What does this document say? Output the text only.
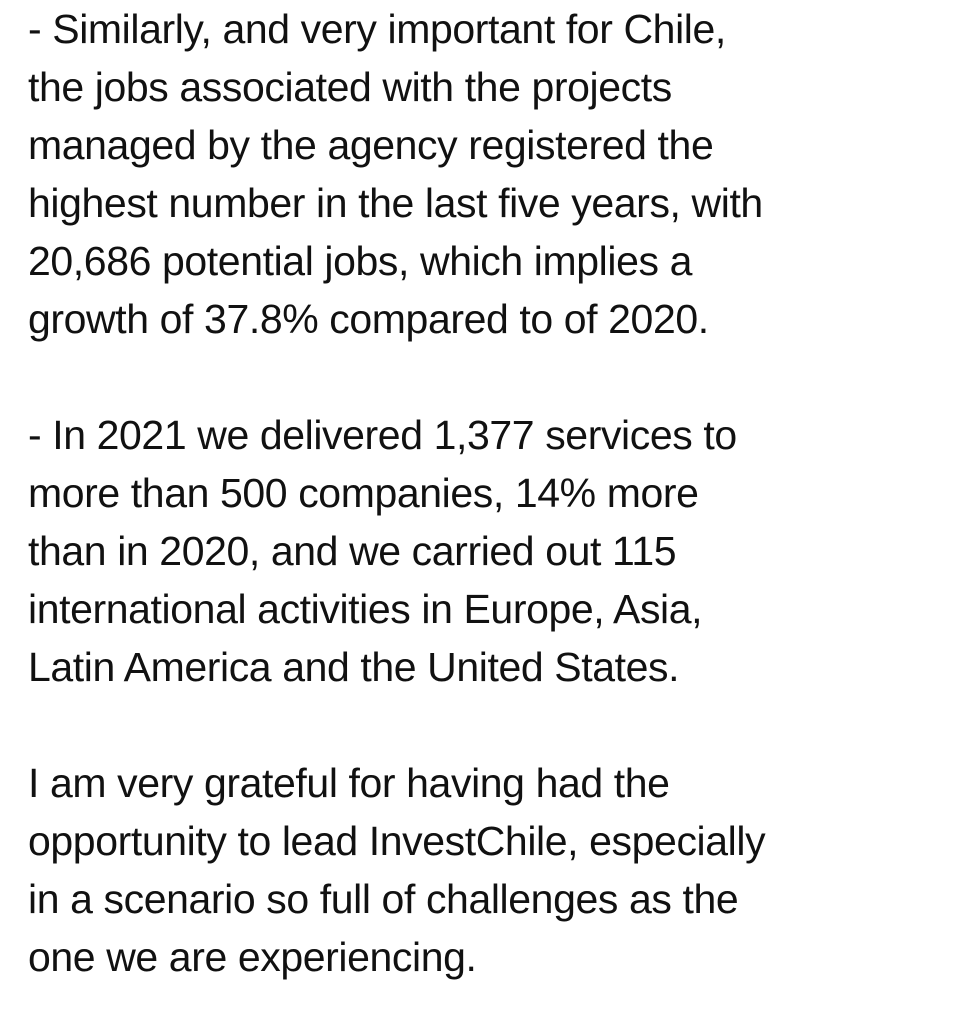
- Similarly, and very important for Chile,
the jobs associated with the projects
managed by the agency registered the
highest number in the last five years, with
20,686 potential jobs, which implies a
growth of 37.8% compared to of 2020.

- In 2021 we delivered 1,377 services to
more than 500 companies, 14% more
than in 2020, and we carried out 115
international activities in Europe, Asia,
Latin America and the United States.

I am very grateful for having had the
opportunity to lead InvestChile, especially
in a scenario so full of challenges as the
one we are experiencing.
